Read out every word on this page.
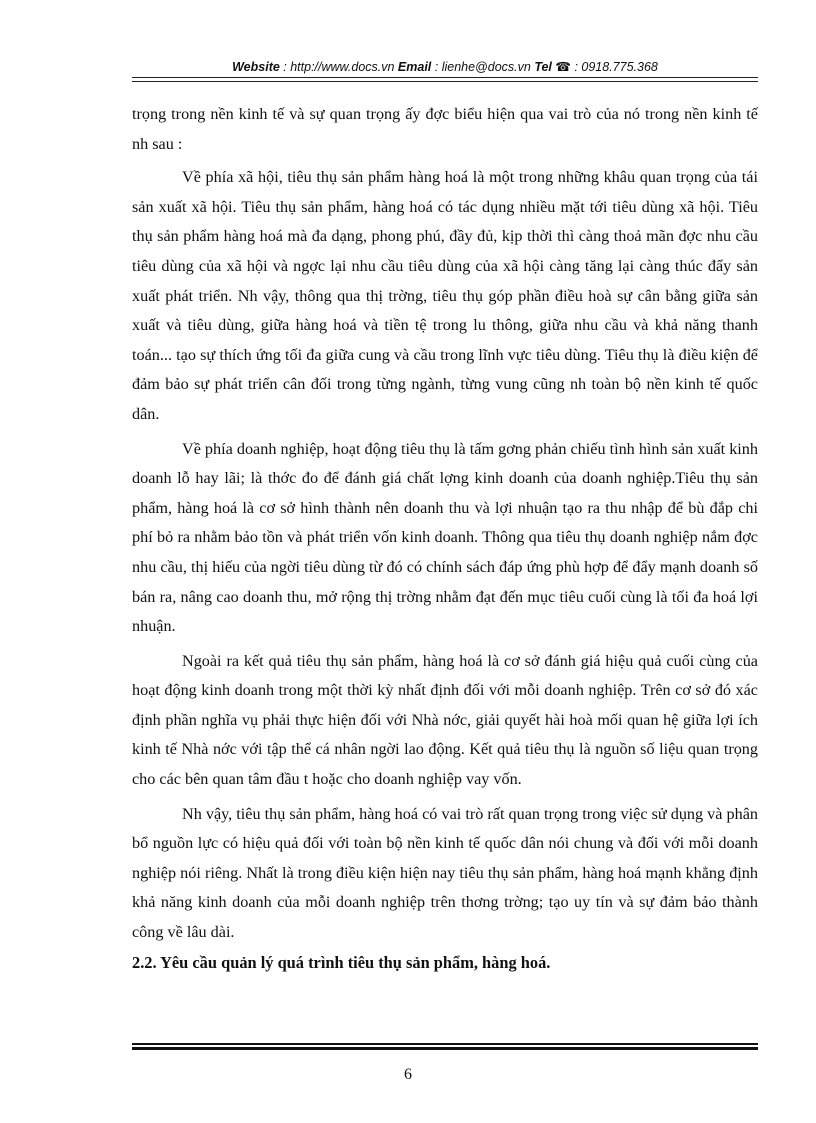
Website : http://www.docs.vn Email : lienhe@docs.vn Tel ☎ : 0918.775.368

trọng trong nền kinh tế và sự quan trọng ấy đợc biểu hiện qua vai trò của nó trong nền kinh tế nh sau :

Về phía xã hội, tiêu thụ sản phẩm hàng hoá là một trong những khâu quan trọng của tái sản xuất xã hội. Tiêu thụ sản phẩm, hàng hoá có tác dụng nhiều mặt tới tiêu dùng xã hội. Tiêu thụ sản phẩm hàng hoá mà đa dạng, phong phú, đầy đủ, kịp thời thì càng thoả mãn đợc nhu cầu tiêu dùng của xã hội và ngợc lại nhu cầu tiêu dùng của xã hội càng tăng lại càng thúc đẩy sản xuất phát triển. Nh vậy, thông qua thị trờng, tiêu thụ góp phần điều hoà sự cân bằng giữa sản xuất và tiêu dùng, giữa hàng hoá và tiền tệ trong lu thông, giữa nhu cầu và khả năng thanh toán... tạo sự thích ứng tối đa giữa cung và cầu trong lĩnh vực tiêu dùng. Tiêu thụ là điều kiện để đảm bảo sự phát triển cân đối trong từng ngành, từng vung cũng nh toàn bộ nền kinh tế quốc dân.

Về phía doanh nghiệp, hoạt động tiêu thụ là tấm gơng phản chiếu tình hình sản xuất kinh doanh lỗ hay lãi; là thớc đo để đánh giá chất lợng kinh doanh của doanh nghiệp.Tiêu thụ sản phẩm, hàng hoá là cơ sở hình thành nên doanh thu và lợi nhuận tạo ra thu nhập để bù đắp chi phí bỏ ra nhằm bảo tồn và phát triển vốn kinh doanh. Thông qua tiêu thụ doanh nghiệp nắm đợc nhu cầu, thị hiếu của ngời tiêu dùng từ đó có chính sách đáp ứng phù hợp để đẩy mạnh doanh số bán ra, nâng cao doanh thu, mở rộng thị trờng nhằm đạt đến mục tiêu cuối cùng là tối đa hoá lợi nhuận.

Ngoài ra kết quả tiêu thụ sản phẩm, hàng hoá là cơ sở đánh giá hiệu quả cuối cùng của hoạt động kinh doanh trong một thời kỳ nhất định đối với mỗi doanh nghiệp. Trên cơ sở đó xác định phần nghĩa vụ phải thực hiện đối với Nhà nớc, giải quyết hài hoà mối quan hệ giữa lợi ích kinh tế Nhà nớc với tập thể cá nhân ngời lao động. Kết quả tiêu thụ là nguồn số liệu quan trọng cho các bên quan tâm đầu t hoặc cho doanh nghiệp vay vốn.

Nh vậy, tiêu thụ sản phẩm, hàng hoá có vai trò rất quan trọng trong việc sử dụng và phân bổ nguồn lực có hiệu quả đối với toàn bộ nền kinh tế quốc dân nói chung và đối với mỗi doanh nghiệp nói riêng. Nhất là trong điều kiện hiện nay tiêu thụ sản phẩm, hàng hoá mạnh khẳng định khả năng kinh doanh của mỗi doanh nghiệp trên thơng trờng; tạo uy tín và sự đảm bảo thành công về lâu dài.

2.2. Yêu cầu quản lý quá trình tiêu thụ sản phẩm, hàng hoá.
6
